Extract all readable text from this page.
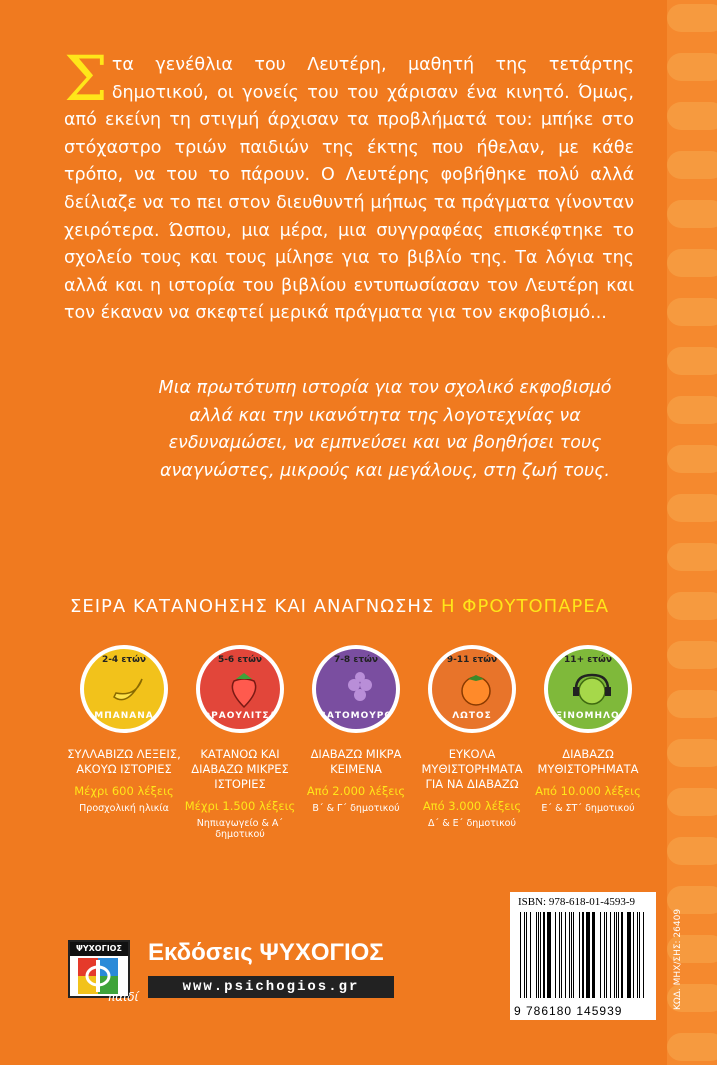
Σ τα γενέθλια του Λευτέρη, μαθητή της τετάρτης δημοτικού, οι γονείς του του χάρισαν ένα κινητό. Όμως, από εκείνη τη στιγμή άρχισαν τα προβλήματά του: μπήκε στο στόχαστρο τριών παιδιών της έκτης που ήθελαν, με κάθε τρόπο, να του το πάρουν. Ο Λευτέρης φοβήθηκε πολύ αλλά δείλιαζε να το πει στον διευθυντή μήπως τα πράγματα γίνονταν χειρότερα. Ώσπου, μια μέρα, μια συγγραφέας επισκέφτηκε το σχολείο τους και τους μίλησε για το βιβλίο της. Τα λόγια της αλλά και η ιστορία του βιβλίου εντυπωσίασαν τον Λευτέρη και τον έκαναν να σκεφτεί μερικά πράγματα για τον εκφοβισμό...

Μια πρωτότυπη ιστορία για τον σχολικό εκφοβισμό αλλά και την ικανότητα της λογοτεχνίας να ενδυναμώσει, να εμπνεύσει και να βοηθήσει τους αναγνώστες, μικρούς και μεγάλους, στη ζωή τους.
ΣΕΙΡΑ ΚΑΤΑΝΟΗΣΗΣ ΚΑΙ ΑΝΑΓΝΩΣΗΣ Η ΦΡΟΥΤΟΠΑΡΕΑ
2-4 ετών
ΜΠΑΝΑΝΑ
ΣΥΛΛΑΒΙΖΩ ΛΕΞΕΙΣ, ΑΚΟΥΩ ΙΣΤΟΡΙΕΣ
Μέχρι 600 λέξεις
Προσχολική ηλικία
5-6 ετών
ΦΡΑΟΥΛΙΤΣΑ
ΚΑΤΑΝΟΩ ΚΑΙ ΔΙΑΒΑΖΩ ΜΙΚΡΕΣ ΙΣΤΟΡΙΕΣ
Μέχρι 1.500 λέξεις
Νηπιαγωγείο & Α΄ δημοτικού
7-8 ετών
ΒΑΤΟΜΟΥΡΟ
ΔΙΑΒΑΖΩ ΜΙΚΡΑ ΚΕΙΜΕΝΑ
Από 2.000 λέξεις
Β΄ & Γ΄ δημοτικού
9-11 ετών
ΛΩΤΟΣ
ΕΥΚΟΛΑ ΜΥΘΙΣΤΟΡΗΜΑΤΑ ΓΙΑ ΝΑ ΔΙΑΒΑΖΩ
Από 3.000 λέξεις
Δ΄ & Ε΄ δημοτικού
11+ ετών
ΞΙΝΟΜΗΛΟ
ΔΙΑΒΑΖΩ ΜΥΘΙΣΤΟΡΗΜΑΤΑ
Από 10.000 λέξεις
Ε΄ & ΣΤ΄ δημοτικού
ISBN: 978-618-01-4593-9
9 786180 145939
ΚΩΔ. ΜΗΧ/ΣΗΣ: 26409
ΨΥΧΟΓΙΟΣ
παιδί
Εκδόσεις ΨΥΧΟΓΙΟΣ
www.psichogios.gr
